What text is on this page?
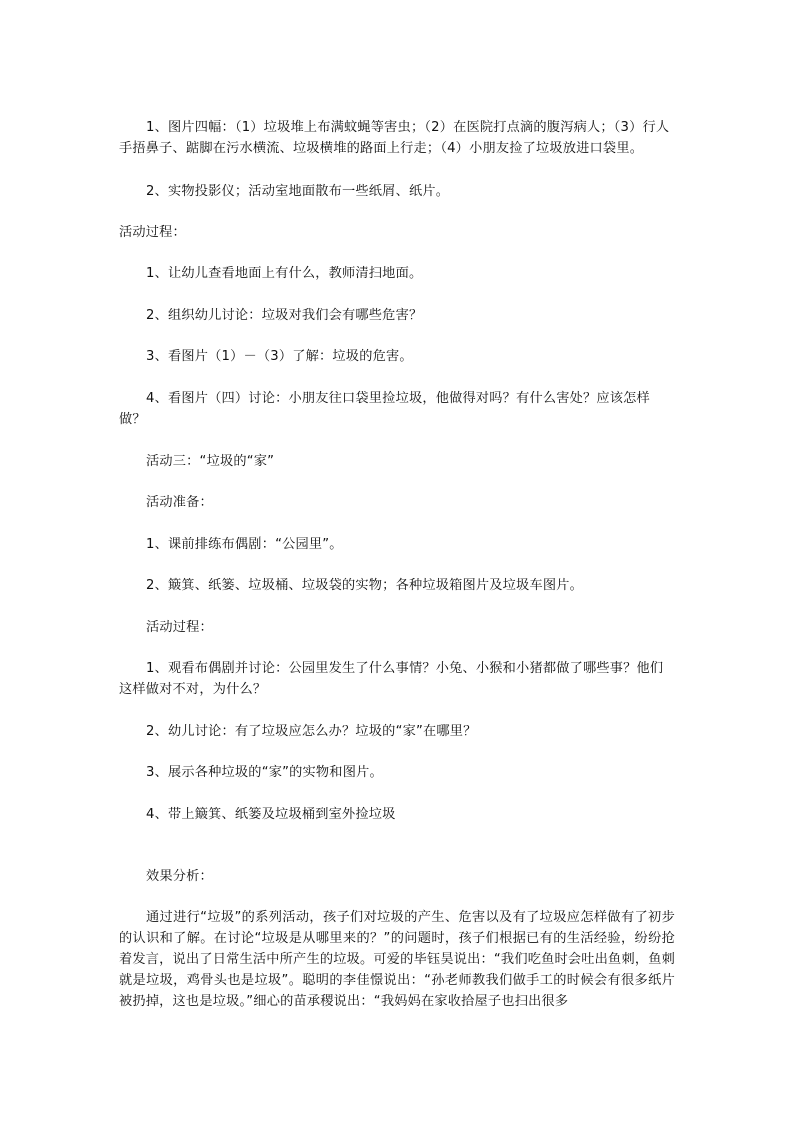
1、图片四幅：（1）垃圾堆上布满蚊蝇等害虫；（2）在医院打点滴的腹泻病人；（3）行人手捂鼻子、踮脚在污水横流、垃圾横堆的路面上行走；（4）小朋友捡了垃圾放进口袋里。

2、实物投影仪；活动室地面散布一些纸屑、纸片。

活动过程：

1、让幼儿查看地面上有什么，教师清扫地面。

2、组织幼儿讨论：垃圾对我们会有哪些危害？

3、看图片（1）－（3）了解：垃圾的危害。

4、看图片（四）讨论：小朋友往口袋里捡垃圾，他做得对吗？有什么害处？应该怎样做？

活动三：“垃圾的“家”

活动准备：

1、课前排练布偶剧：“公园里”。

2、簸箕、纸篓、垃圾桶、垃圾袋的实物；各种垃圾箱图片及垃圾车图片。

活动过程：

1、观看布偶剧并讨论：公园里发生了什么事情？小兔、小猴和小猪都做了哪些事？他们这样做对不对，为什么？

2、幼儿讨论：有了垃圾应怎么办？垃圾的“家”在哪里？

3、展示各种垃圾的“家”的实物和图片。

4、带上簸箕、纸篓及垃圾桶到室外捡垃圾

效果分析：

通过进行“垃圾”的系列活动，孩子们对垃圾的产生、危害以及有了垃圾应怎样做有了初步的认识和了解。在讨论“垃圾是从哪里来的？”的问题时，孩子们根据已有的生活经验，纷纷抢着发言，说出了日常生活中所产生的垃圾。可爱的毕钰昊说出：“我们吃鱼时会吐出鱼刺，鱼刺就是垃圾，鸡骨头也是垃圾”。聪明的李佳憬说出：“孙老师教我们做手工的时候会有很多纸片被扔掉，这也是垃圾。”细心的苗承稷说出：“我妈妈在家收拾屋子也扫出很多
